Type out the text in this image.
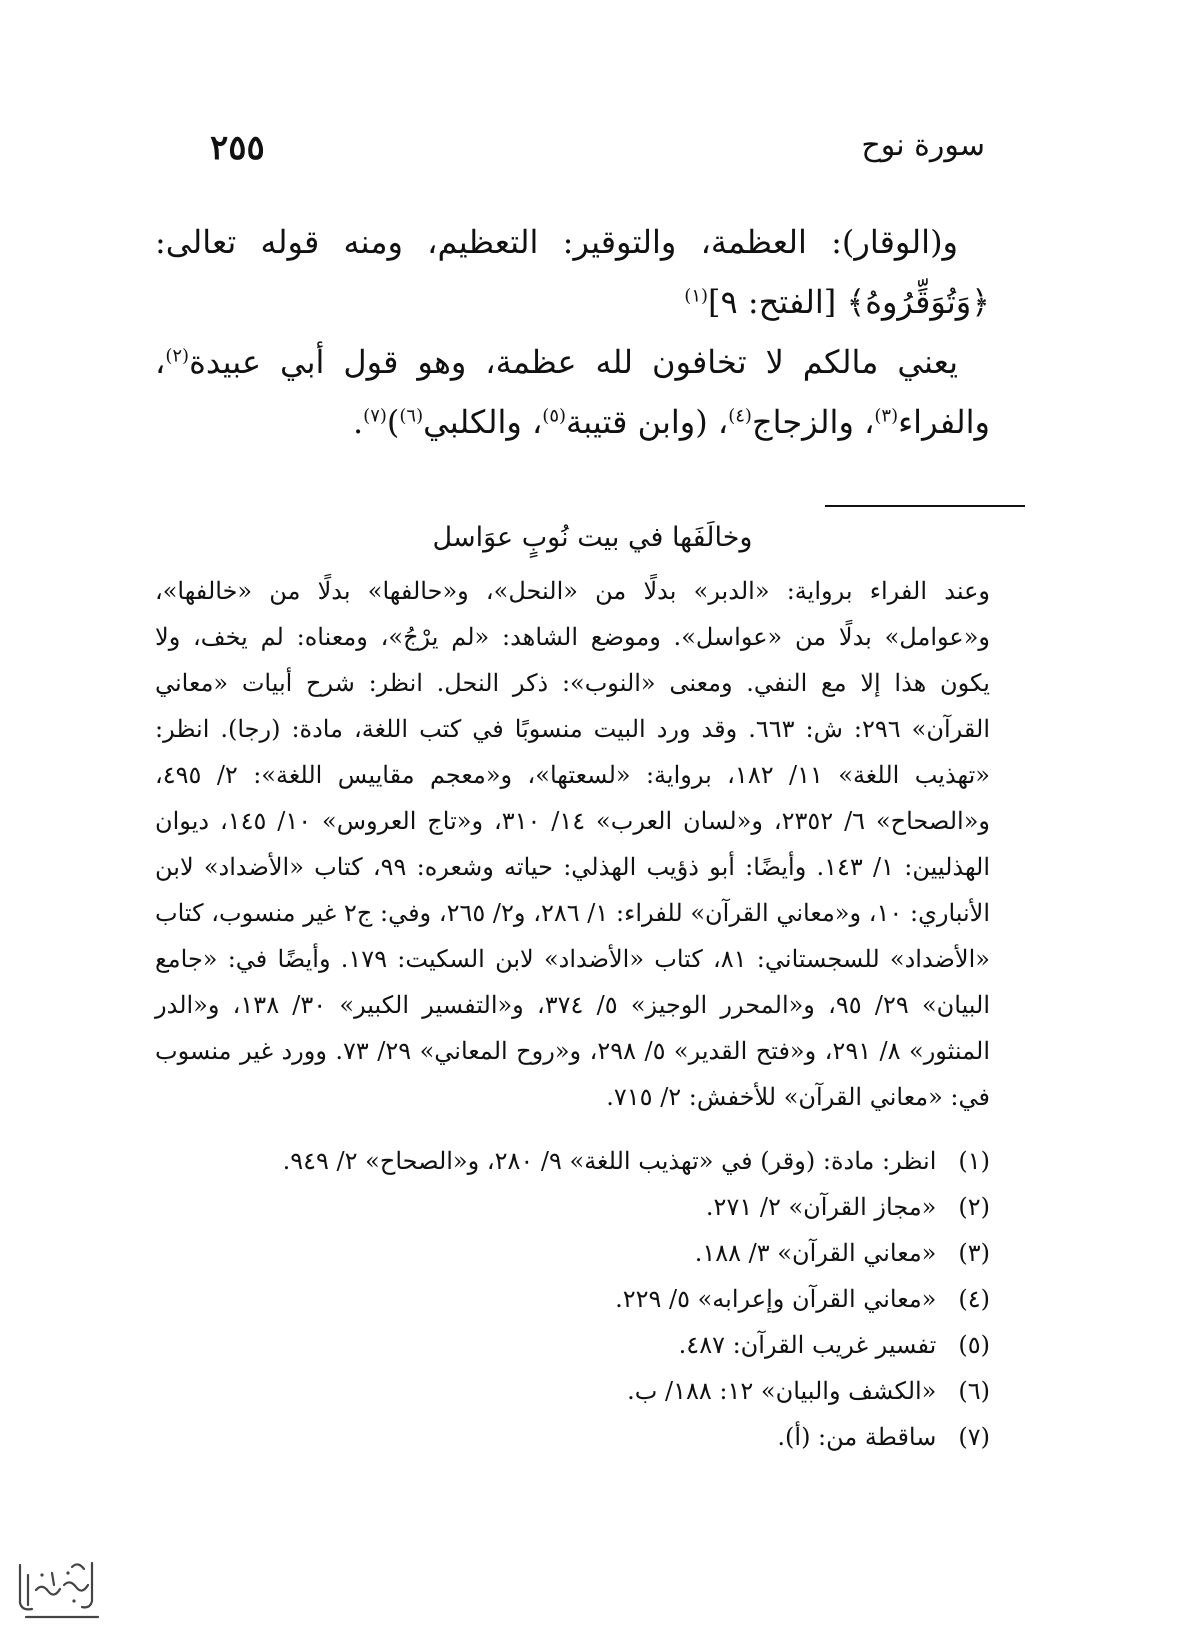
سورة نوح
٢٥٥

و(الوقار): العظمة، والتوقير: التعظيم، ومنه قوله تعالى: ﴿وَتُوَقِّرُوهُ﴾ [الفتح: ٩]$^{(١)}$

يعني مالكم لا تخافون لله عظمة، وهو قول أبي عبيدة$^{(٢)}$، والفراء$^{(٣)}$، والزجاج$^{(٤)}$، (وابن قتيبة$^{(٥)}$، والكلبي$^{(٦)}$)$^{(٧)}$.

وخالَفَها في بيت نُوبٍ عوَاسل

وعند الفراء برواية: «الدبر» بدلًا من «النحل»، و«حالفها» بدلًا من «خالفها»، و«عوامل» بدلًا من «عواسل». وموضع الشاهد: «لم يرْجُ»، ومعناه: لم يخف، ولا يكون هذا إلا مع النفي. ومعنى «النوب»: ذكر النحل. انظر: شرح أبيات «معاني القرآن» ٢٩٦: ش: ٦٦٣. وقد ورد البيت منسوبًا في كتب اللغة، مادة: (رجا). انظر: «تهذيب اللغة» ١١/ ١٨٢، برواية: «لسعتها»، و«معجم مقاييس اللغة»: ٢/ ٤٩٥، و«الصحاح» ٦/ ٢٣٥٢، و«لسان العرب» ١٤/ ٣١٠، و«تاج العروس» ١٠/ ١٤٥، ديوان الهذليين: ١/ ١٤٣. وأيضًا: أبو ذؤيب الهذلي: حياته وشعره: ٩٩، كتاب «الأضداد» لابن الأنباري: ١٠، و«معاني القرآن» للفراء: ١/ ٢٨٦، و٢/ ٢٦٥، وفي: ج٢ غير منسوب، كتاب «الأضداد» للسجستاني: ٨١، كتاب «الأضداد» لابن السكيت: ١٧٩. وأيضًا في: «جامع البيان» ٢٩/ ٩٥، و«المحرر الوجيز» ٥/ ٣٧٤، و«التفسير الكبير» ٣٠/ ١٣٨، و«الدر المنثور» ٨/ ٢٩١، و«فتح القدير» ٥/ ٢٩٨، و«روح المعاني» ٢٩/ ٧٣. وورد غير منسوب في: «معاني القرآن» للأخفش: ٢/ ٧١٥.

(١) انظر: مادة: (وقر) في «تهذيب اللغة» ٩/ ٢٨٠، و«الصحاح» ٢/ ٩٤٩.
(٢) «مجاز القرآن» ٢/ ٢٧١.
(٣) «معاني القرآن» ٣/ ١٨٨.
(٤) «معاني القرآن وإعرابه» ٥/ ٢٢٩.
(٥) تفسير غريب القرآن: ٤٨٧.
(٦) «الكشف والبيان» ١٢: ١٨٨/ ب.
(٧) ساقطة من: (أ).
